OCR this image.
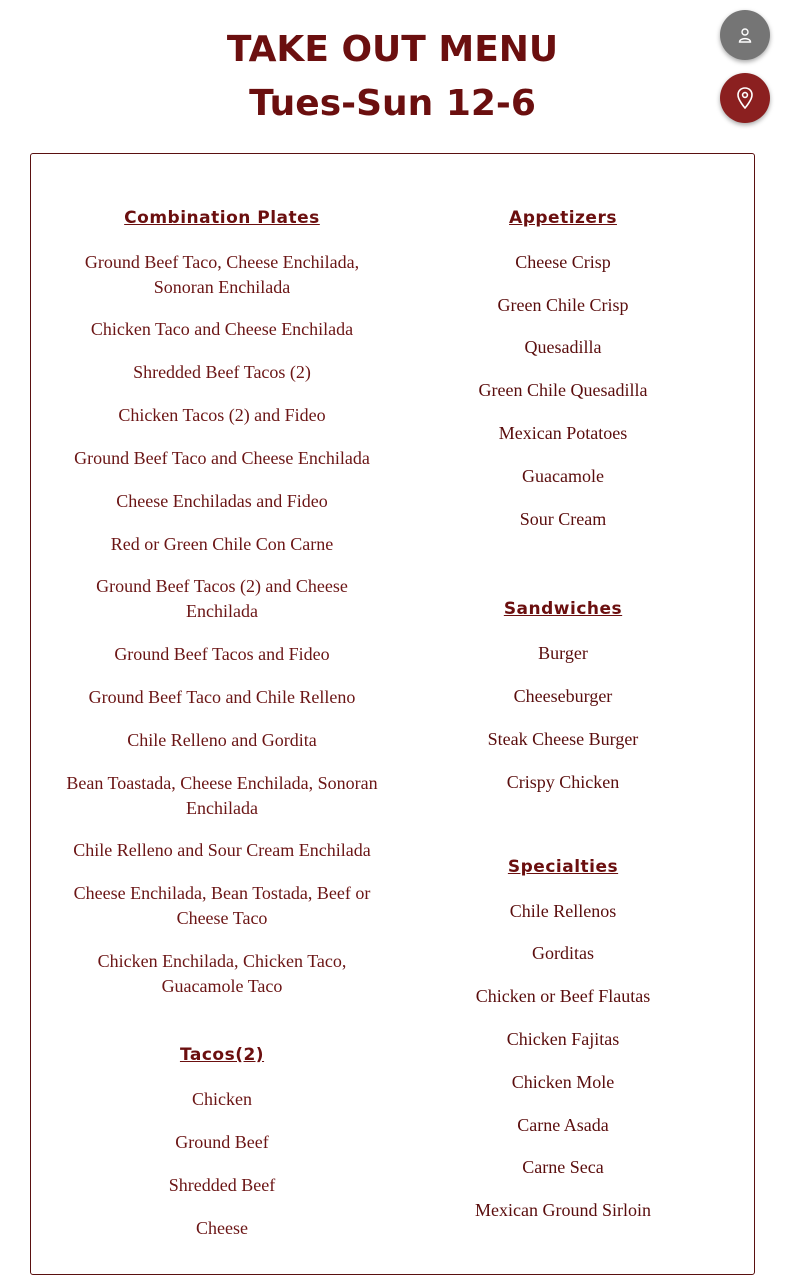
TAKE OUT MENU
Tues-Sun 12-6

Combination Plates

Ground Beef Taco, Cheese Enchilada, Sonoran Enchilada

Chicken Taco and Cheese Enchilada

Shredded Beef Tacos (2)

Chicken Tacos (2) and Fideo

Ground Beef Taco and Cheese Enchilada

Cheese Enchiladas and Fideo

Red or Green Chile Con Carne

Ground Beef Tacos (2) and Cheese Enchilada

Ground Beef Tacos and Fideo

Ground Beef Taco and Chile Relleno

Chile Relleno and Gordita

Bean Toastada, Cheese Enchilada, Sonoran Enchilada

Chile Relleno and Sour Cream Enchilada

Cheese Enchilada, Bean Tostada, Beef or Cheese Taco

Chicken Enchilada, Chicken Taco, Guacamole Taco

Tacos(2)

Chicken

Ground Beef

Shredded Beef

Cheese

Appetizers

Cheese Crisp

Green Chile Crisp

Quesadilla

Green Chile Quesadilla

Mexican Potatoes

Guacamole

Sour Cream

Sandwiches

Burger

Cheeseburger

Steak Cheese Burger

Crispy Chicken

Specialties

Chile Rellenos

Gorditas

Chicken or Beef Flautas

Chicken Fajitas

Chicken Mole

Carne Asada

Carne Seca

Mexican Ground Sirloin
